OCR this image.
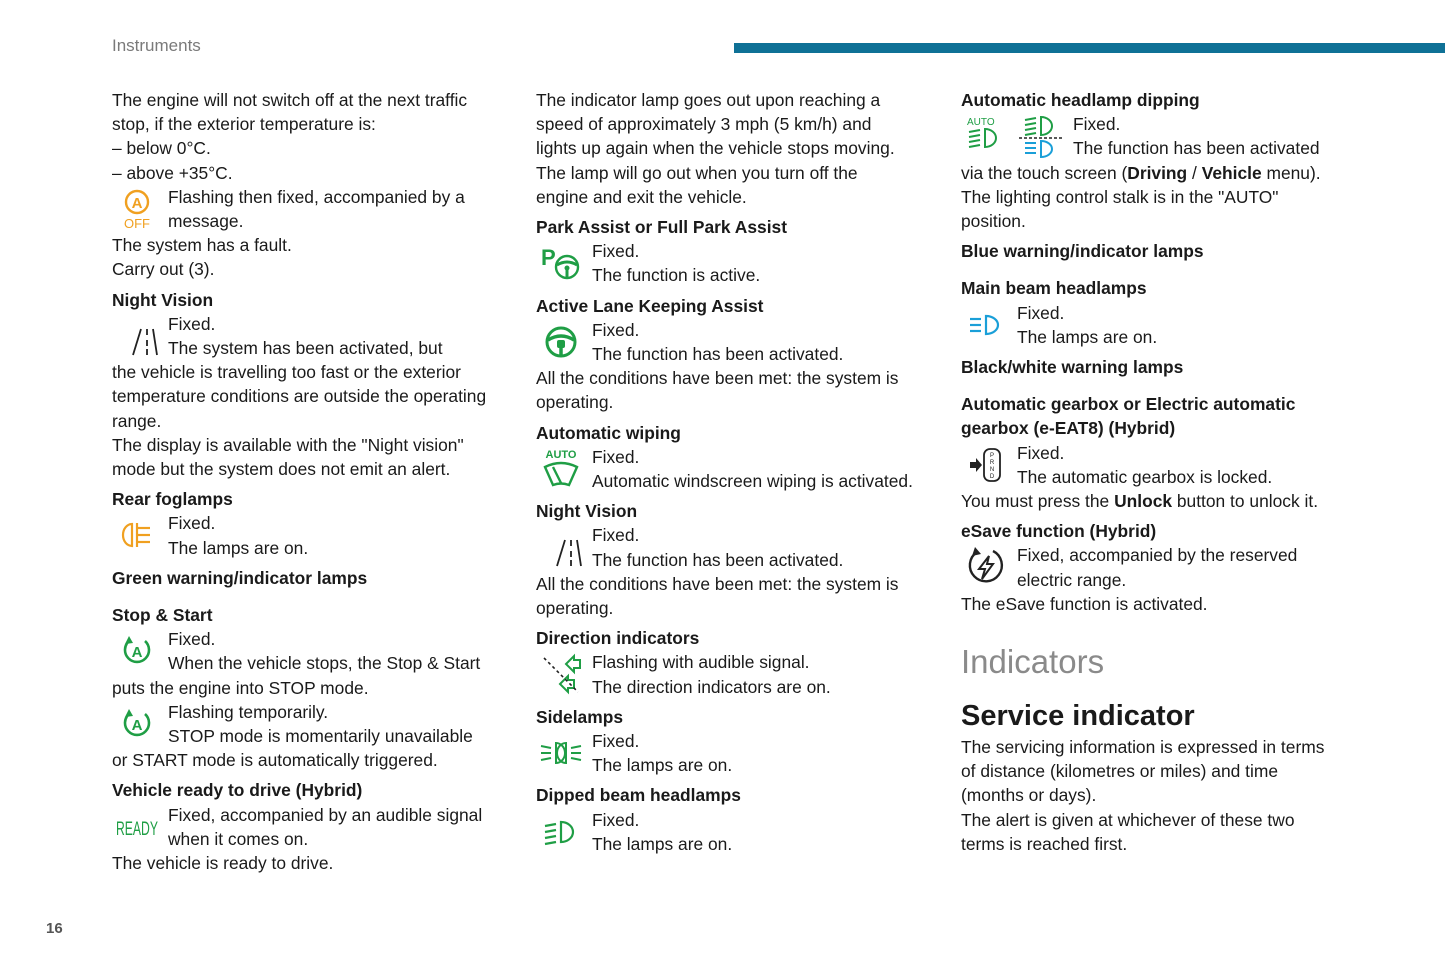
Instruments

The engine will not switch off at the next traffic

stop, if the exterior temperature is:

– below 0°C.

– above +35°C.

A
OFF

Flashing then fixed, accompanied by a

message.

The system has a fault.

Carry out (3).

Night Vision

Fixed.

The system has been activated, but

the vehicle is travelling too fast or the exterior

temperature conditions are outside the operating

range.

The display is available with the "Night vision"

mode but the system does not emit an alert.

Rear foglamps

Fixed.

The lamps are on.

Green warning/indicator lamps

Stop & Start

A

Fixed.

When the vehicle stops, the Stop & Start

puts the engine into STOP mode.

A

Flashing temporarily.

STOP mode is momentarily unavailable

or START mode is automatically triggered.

Vehicle ready to drive (Hybrid)

READY

Fixed, accompanied by an audible signal

when it comes on.

The vehicle is ready to drive.

The indicator lamp goes out upon reaching a

speed of approximately 3 mph (5 km/h) and

lights up again when the vehicle stops moving.

The lamp will go out when you turn off the

engine and exit the vehicle.

Park Assist or Full Park Assist

P	Fixed.

The function is active.

Active Lane Keeping Assist

Fixed.

The function has been activated.

All the conditions have been met: the system is

operating.

Automatic wiping

AUTO Fixed.

Automatic windscreen wiping is activated.

Night Vision

Fixed.

The function has been activated.

All the conditions have been met: the system is

operating.

Direction indicators

Flashing with audible signal.

The direction indicators are on.

Sidelamps

Fixed.

The lamps are on.

Dipped beam headlamps

Fixed.

The lamps are on.

Automatic headlamp dipping

AUTO	Fixed.

The function has been activated

via the touch screen (Driving / Vehicle menu).

The lighting control stalk is in the "AUTO"

position.

Blue warning/indicator lamps

Main beam headlamps

Fixed.

The lamps are on.

Black/white warning lamps

Automatic gearbox or Electric automatic

gearbox (e-EAT8) (Hybrid)

P
R
N
D

Fixed.

The automatic gearbox is locked.

You must press the Unlock button to unlock it.

eSave function (Hybrid)

Fixed, accompanied by the reserved

electric range.

The eSave function is activated.

Indicators

Service indicator

The servicing information is expressed in terms

of distance (kilometres or miles) and time

(months or days).

The alert is given at whichever of these two

terms is reached first.

16
